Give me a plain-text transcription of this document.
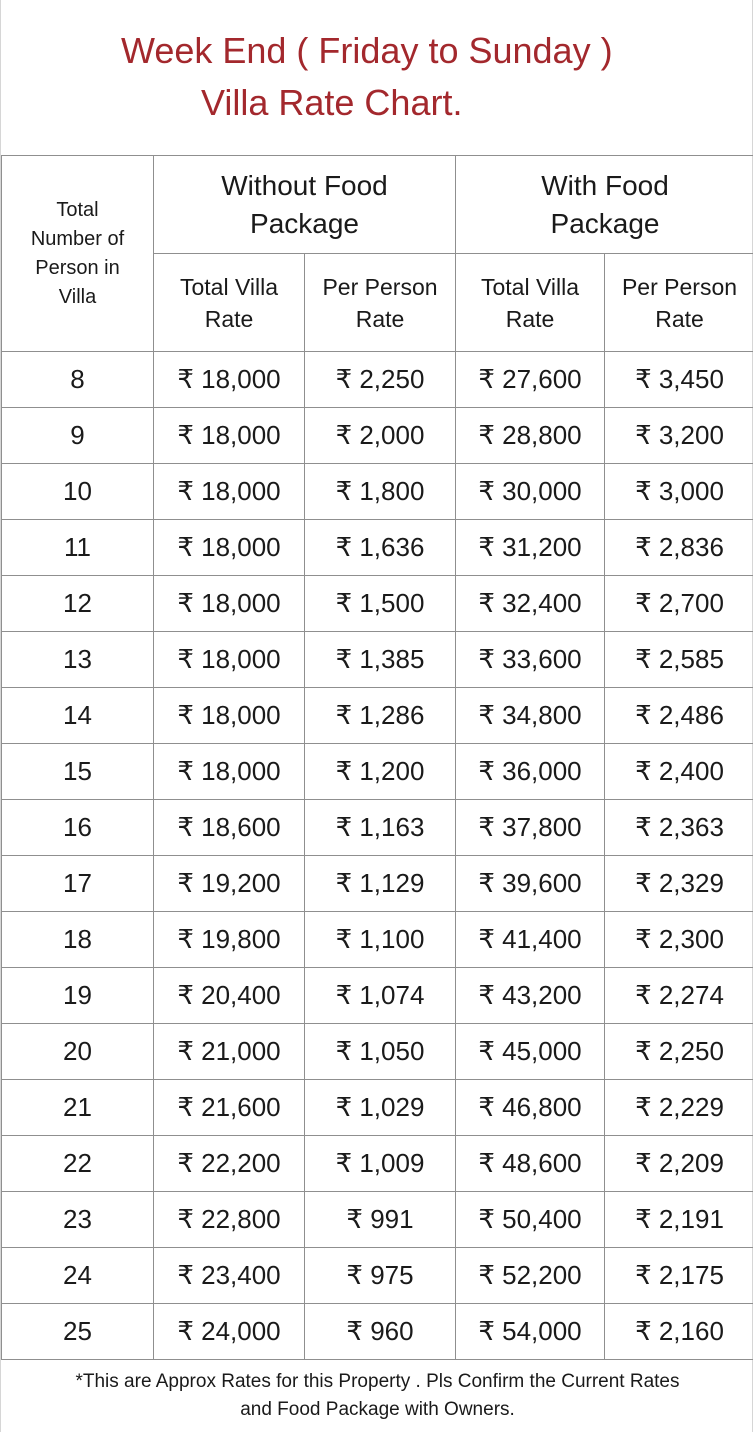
Week End ( Friday to Sunday )
Villa Rate Chart.
Total Number of Person in Villa	Without Food Package		With Food Package	

	Total Villa Rate	Per Person Rate	Total Villa Rate	Per Person Rate

8	₹ 18,000	₹ 2,250	₹ 27,600	₹ 3,450
9	₹ 18,000	₹ 2,000	₹ 28,800	₹ 3,200
10	₹ 18,000	₹ 1,800	₹ 30,000	₹ 3,000
11	₹ 18,000	₹ 1,636	₹ 31,200	₹ 2,836
12	₹ 18,000	₹ 1,500	₹ 32,400	₹ 2,700
13	₹ 18,000	₹ 1,385	₹ 33,600	₹ 2,585
14	₹ 18,000	₹ 1,286	₹ 34,800	₹ 2,486
15	₹ 18,000	₹ 1,200	₹ 36,000	₹ 2,400
16	₹ 18,600	₹ 1,163	₹ 37,800	₹ 2,363
17	₹ 19,200	₹ 1,129	₹ 39,600	₹ 2,329
18	₹ 19,800	₹ 1,100	₹ 41,400	₹ 2,300
19	₹ 20,400	₹ 1,074	₹ 43,200	₹ 2,274
20	₹ 21,000	₹ 1,050	₹ 45,000	₹ 2,250
21	₹ 21,600	₹ 1,029	₹ 46,800	₹ 2,229
22	₹ 22,200	₹ 1,009	₹ 48,600	₹ 2,209
23	₹ 22,800	₹ 991	₹ 50,400	₹ 2,191
24	₹ 23,400	₹ 975	₹ 52,200	₹ 2,175
25	₹ 24,000	₹ 960	₹ 54,000	₹ 2,160
*This are Approx Rates for this Property . Pls Confirm the Current Rates
and Food Package with Owners.
